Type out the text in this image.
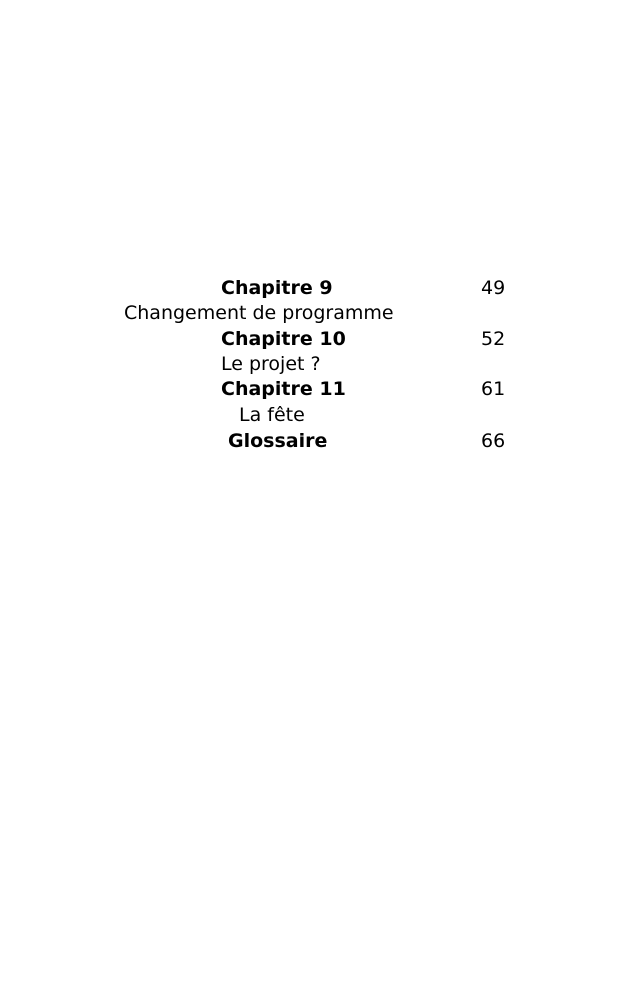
Chapitre 9	49
Changement de programme
Chapitre 10	52
Le projet ?
Chapitre 11	61
La fête
Glossaire	66
